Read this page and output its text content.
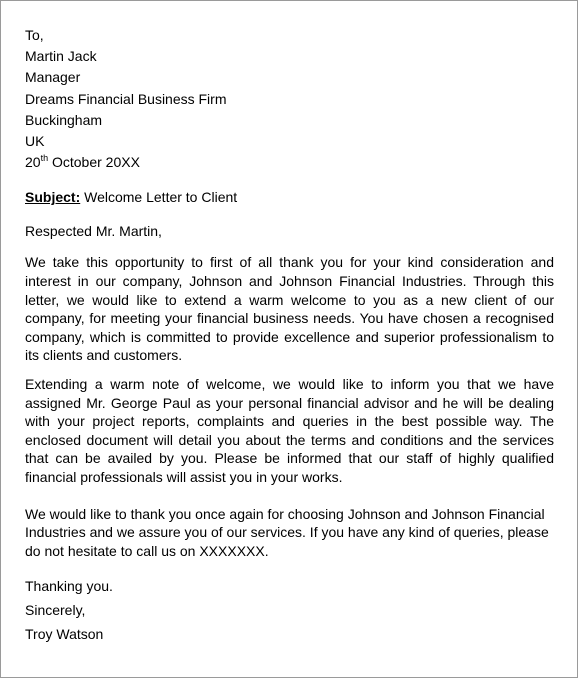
To,
Martin Jack
Manager
Dreams Financial Business Firm
Buckingham
UK
20th October 20XX
Subject: Welcome Letter to Client
Respected Mr. Martin,
We take this opportunity to first of all thank you for your kind consideration and interest in our company, Johnson and Johnson Financial Industries. Through this letter, we would like to extend a warm welcome to you as a new client of our company, for meeting your financial business needs. You have chosen a recognised company, which is committed to provide excellence and superior professionalism to its clients and customers.
Extending a warm note of welcome, we would like to inform you that we have assigned Mr. George Paul as your personal financial advisor and he will be dealing with your project reports, complaints and queries in the best possible way. The enclosed document will detail you about the terms and conditions and the services that can be availed by you. Please be informed that our staff of highly qualified financial professionals will assist you in your works.
We would like to thank you once again for choosing Johnson and Johnson Financial Industries and we assure you of our services. If you have any kind of queries, please do not hesitate to call us on XXXXXXX.
Thanking you.
Sincerely,
Troy Watson
